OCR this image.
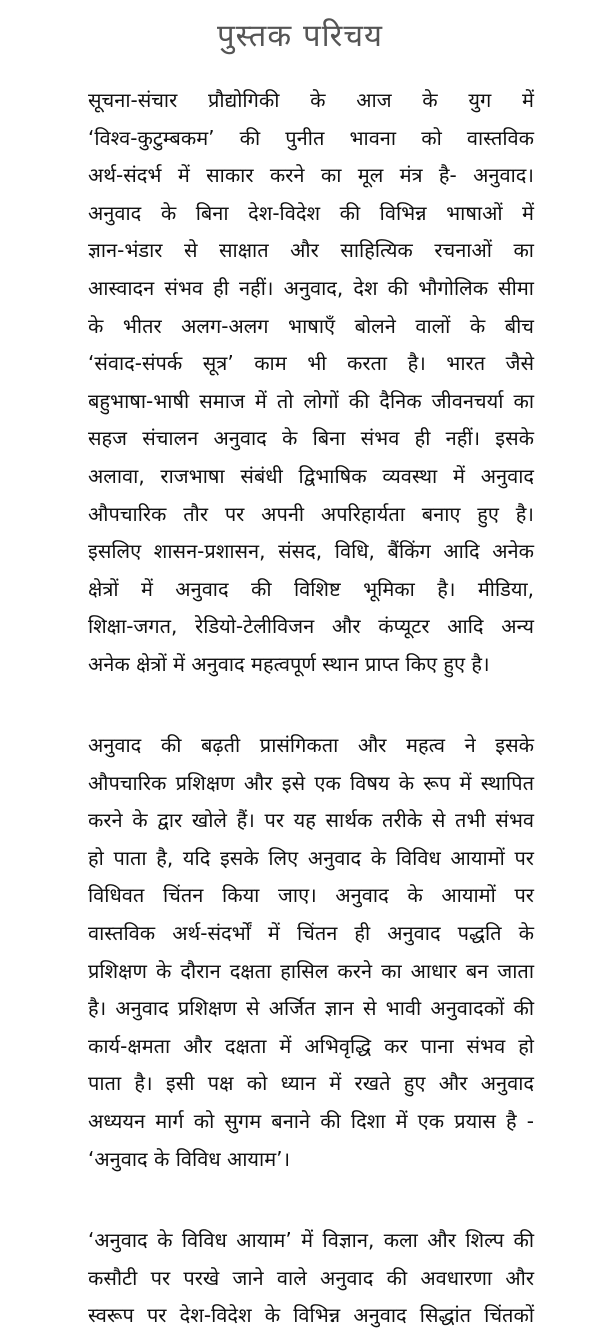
पुस्तक परिचय
सूचना-संचार प्रौद्योगिकी के आज के युग में
‘विश्व-कुटुम्बकम’ की पुनीत भावना को वास्तविक
अर्थ-संदर्भ में साकार करने का मूल मंत्र है- अनुवाद।
अनुवाद के बिना देश-विदेश की विभिन्न भाषाओं में
ज्ञान-भंडार से साक्षात और साहित्यिक रचनाओं का
आस्वादन संभव ही नहीं। अनुवाद, देश की भौगोलिक सीमा
के भीतर अलग-अलग भाषाएँ बोलने वालों के बीच
‘संवाद-संपर्क सूत्र’ काम भी करता है। भारत जैसे
बहुभाषा-भाषी समाज में तो लोगों की दैनिक जीवनचर्या का
सहज संचालन अनुवाद के बिना संभव ही नहीं। इसके
अलावा, राजभाषा संबंधी द्विभाषिक व्यवस्था में अनुवाद
औपचारिक तौर पर अपनी अपरिहार्यता बनाए हुए है।
इसलिए शासन-प्रशासन, संसद, विधि, बैंकिंग आदि अनेक
क्षेत्रों में अनुवाद की विशिष्ट भूमिका है। मीडिया,
शिक्षा-जगत, रेडियो-टेलीविजन और कंप्यूटर आदि अन्य
अनेक क्षेत्रों में अनुवाद महत्वपूर्ण स्थान प्राप्त किए हुए है।
अनुवाद की बढ़ती प्रासंगिकता और महत्व ने इसके
औपचारिक प्रशिक्षण और इसे एक विषय के रूप में स्थापित
करने के द्वार खोले हैं। पर यह सार्थक तरीके से तभी संभव
हो पाता है, यदि इसके लिए अनुवाद के विविध आयामों पर
विधिवत चिंतन किया जाए। अनुवाद के आयामों पर
वास्तविक अर्थ-संदर्भों में चिंतन ही अनुवाद पद्धति के
प्रशिक्षण के दौरान दक्षता हासिल करने का आधार बन जाता
है। अनुवाद प्रशिक्षण से अर्जित ज्ञान से भावी अनुवादकों की
कार्य-क्षमता और दक्षता में अभिवृद्धि कर पाना संभव हो
पाता है। इसी पक्ष को ध्यान में रखते हुए और अनुवाद
अध्ययन मार्ग को सुगम बनाने की दिशा में एक प्रयास है -
‘अनुवाद के विविध आयाम’।
‘अनुवाद के विविध आयाम’ में विज्ञान, कला और शिल्प की
कसौटी पर परखे जाने वाले अनुवाद की अवधारणा और
स्वरूप पर देश-विदेश के विभिन्न अनुवाद सिद्धांत चिंतकों
